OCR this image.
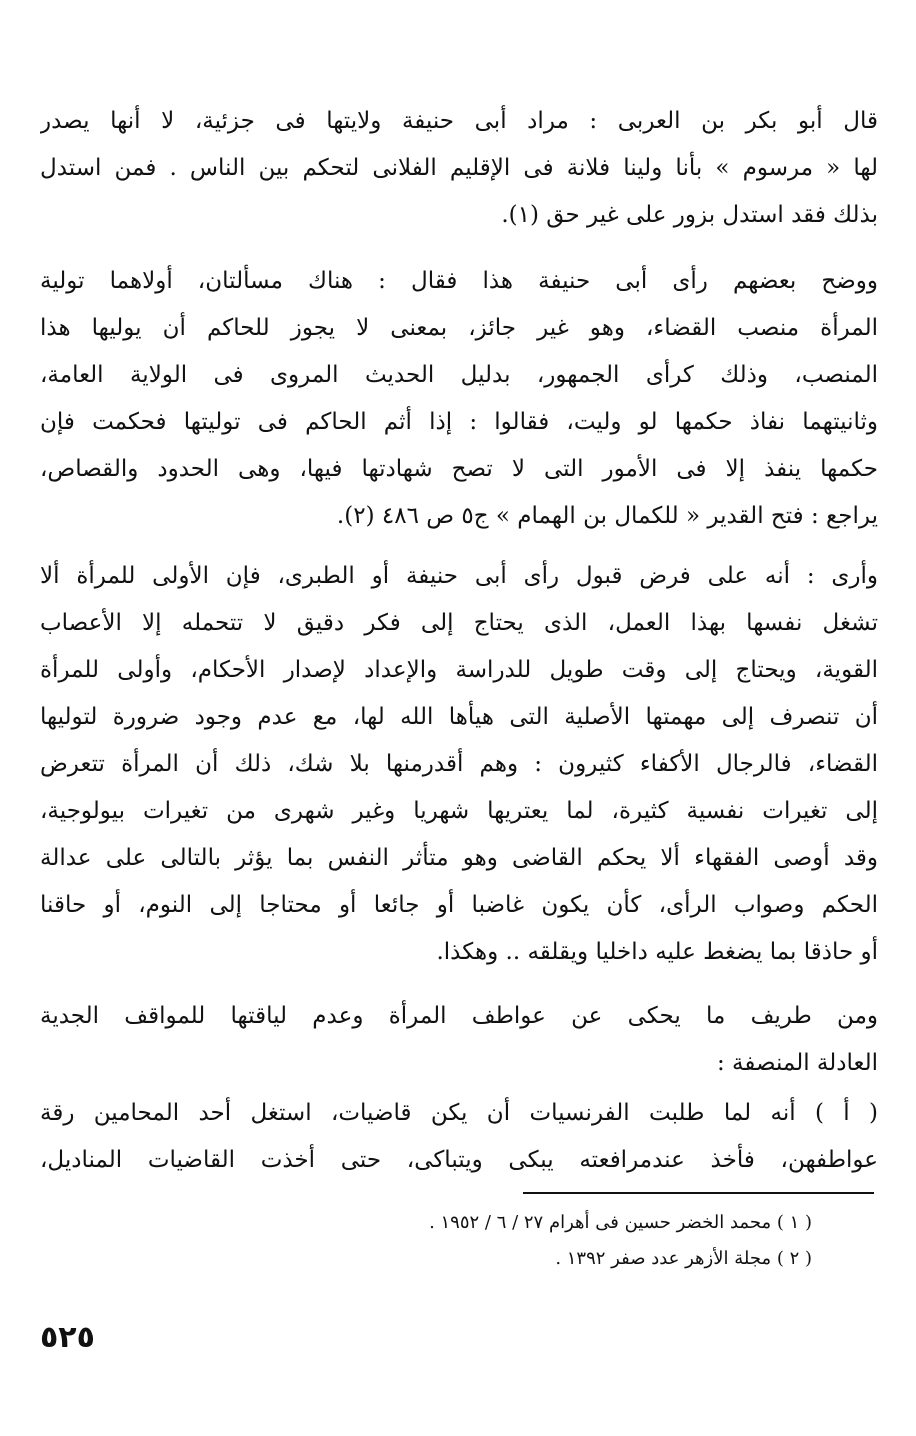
قال أبو بكر بن العربى : مراد أبى حنيفة ولايتها فى جزئية، لا أنها يصدر
لها « مرسوم » بأنا ولينا فلانة فى الإقليم الفلانى لتحكم بين الناس . فمن استدل
بذلك فقد استدل بزور على غير حق (١).
ووضح بعضهم رأى أبى حنيفة هذا فقال : هناك مسألتان، أولاهما تولية
المرأة منصب القضاء، وهو غير جائز، بمعنى لا يجوز للحاكم أن يوليها هذا
المنصب، وذلك كرأى الجمهور، بدليل الحديث المروى فى الولاية العامة،
وثانيتهما نفاذ حكمها لو وليت، فقالوا : إذا أثم الحاكم فى توليتها فحكمت فإن
حكمها ينفذ إلا فى الأمور التى لا تصح شهادتها فيها، وهى الحدود والقصاص،
يراجع : فتح القدير « للكمال بن الهمام » ج٥ ص ٤٨٦ (٢).
وأرى : أنه على فرض قبول رأى أبى حنيفة أو الطبرى، فإن الأولى للمرأة ألا
تشغل نفسها بهذا العمل، الذى يحتاج إلى فكر دقيق لا تتحمله إلا الأعصاب
القوية، ويحتاج إلى وقت طويل للدراسة والإعداد لإصدار الأحكام، وأولى للمرأة
أن تنصرف إلى مهمتها الأصلية التى هيأها الله لها، مع عدم وجود ضرورة لتوليها
القضاء، فالرجال الأكفاء كثيرون : وهم أقدرمنها بلا شك، ذلك أن المرأة تتعرض
إلى تغيرات نفسية كثيرة، لما يعتريها شهريا وغير شهرى من تغيرات بيولوجية،
وقد أوصى الفقهاء ألا يحكم القاضى وهو متأثر النفس بما يؤثر بالتالى على عدالة
الحكم وصواب الرأى، كأن يكون غاضبا أو جائعا أو محتاجا إلى النوم، أو حاقنا
أو حاذقا بما يضغط عليه داخليا ويقلقه .. وهكذا.
ومن طريف ما يحكى عن عواطف المرأة وعدم لياقتها للمواقف الجدية
العادلة المنصفة :
( أ ) أنه لما طلبت الفرنسيات أن يكن قاضيات، استغل أحد المحامين رقة
عواطفهن، فأخذ عندمرافعته يبكى ويتباكى، حتى أخذت القاضيات المناديل،
( ١ ) محمد الخضر حسين فى أهرام ٢٧ / ٦ / ١٩٥٢ .
( ٢ ) مجلة الأزهر عدد صفر ١٣٩٢ .
٥٢٥
